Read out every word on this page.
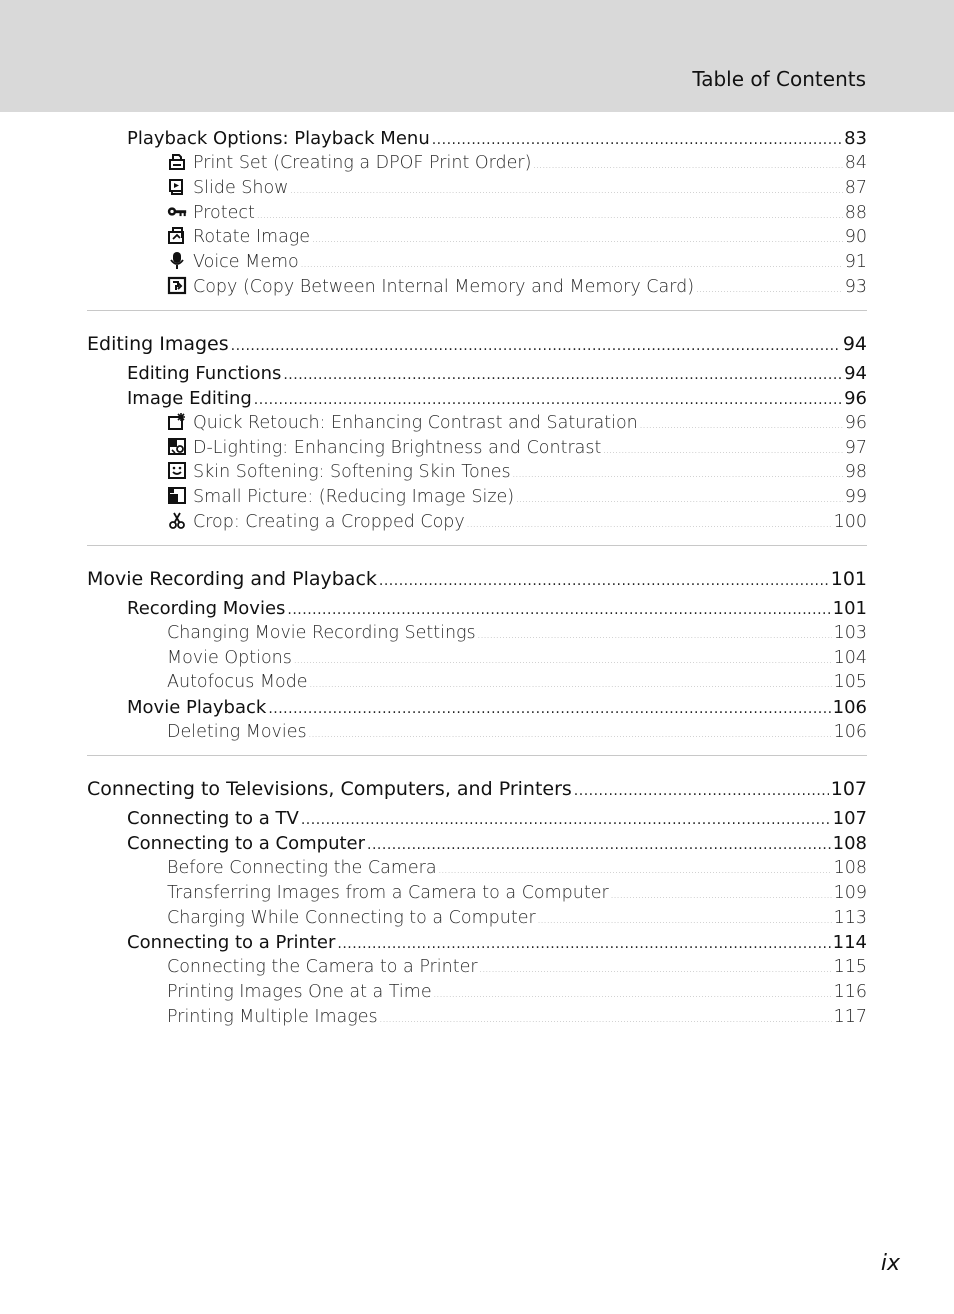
Table of Contents
Playback Options: Playback Menu .....	83
Print Set (Creating a DPOF Print Order) .....	84
Slide Show .....	87
Protect .....	88
Rotate Image .....	90
Voice Memo .....	91
Copy (Copy Between Internal Memory and Memory Card) .....	93
Editing Images .....	94
Editing Functions .....	94
Image Editing .....	96
Quick Retouch: Enhancing Contrast and Saturation .....	96
D-Lighting: Enhancing Brightness and Contrast .....	97
Skin Softening: Softening Skin Tones .....	98
Small Picture: (Reducing Image Size) .....	99
Crop: Creating a Cropped Copy .....	100
Movie Recording and Playback .....	101
Recording Movies .....	101
Changing Movie Recording Settings .....	103
Movie Options .....	104
Autofocus Mode .....	105
Movie Playback .....	106
Deleting Movies .....	106
Connecting to Televisions, Computers, and Printers .....	107
Connecting to a TV .....	107
Connecting to a Computer .....	108
Before Connecting the Camera .....	108
Transferring Images from a Camera to a Computer .....	109
Charging While Connecting to a Computer .....	113
Connecting to a Printer .....	114
Connecting the Camera to a Printer .....	115
Printing Images One at a Time .....	116
Printing Multiple Images .....	117
ix
